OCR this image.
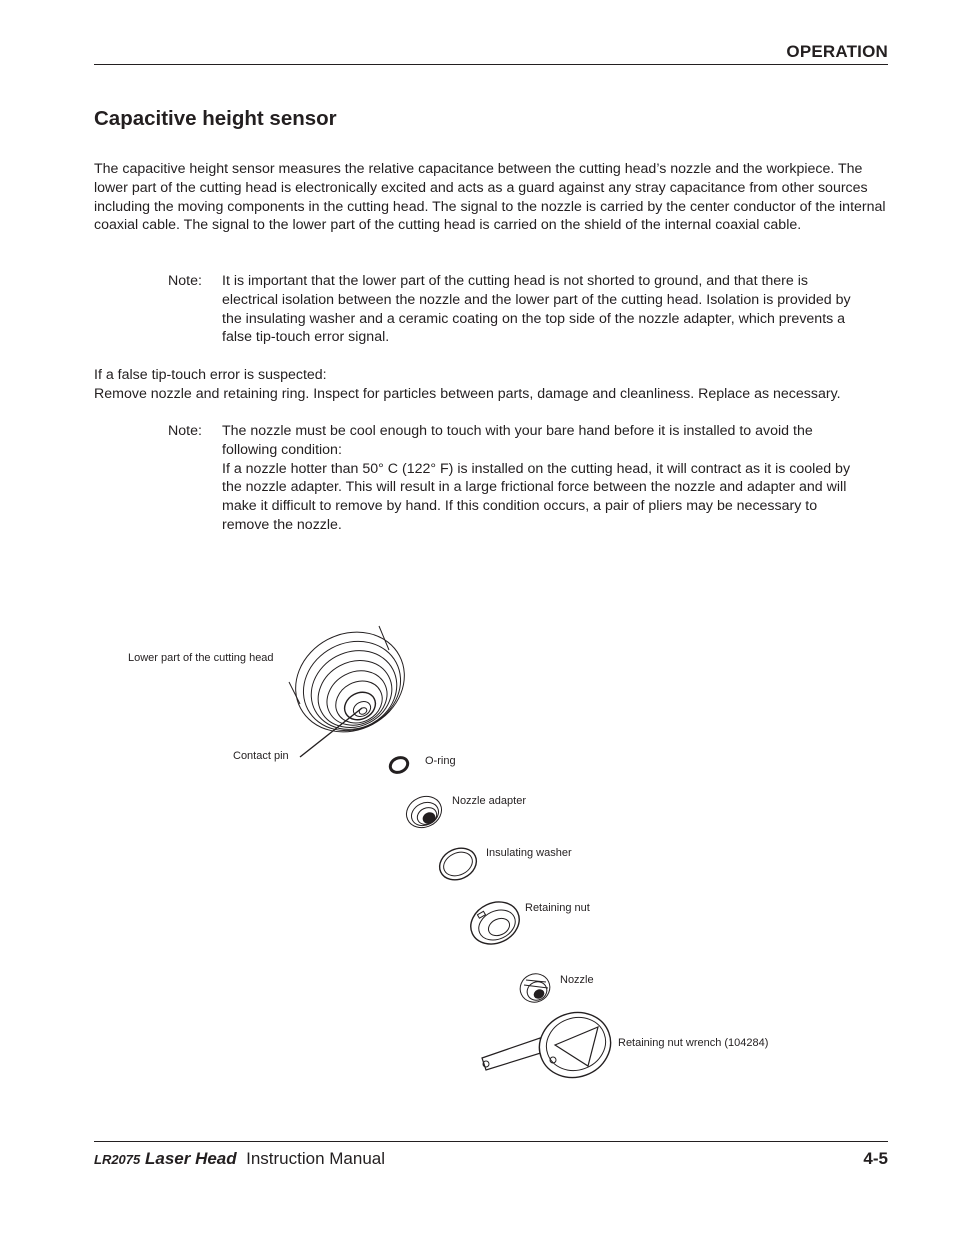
OPERATION
Capacitive height sensor
The capacitive height sensor measures the relative capacitance between the cutting head’s nozzle and the workpiece. The lower part of the cutting head is electronically excited and acts as a guard against any stray capacitance from other sources including the moving components in the cutting head. The signal to the nozzle is carried by the center conductor of the internal coaxial cable. The signal to the lower part of the cutting head is carried on the shield of the internal coaxial cable.
Note:	It is important that the lower part of the cutting head is not shorted to ground, and that there is electrical isolation between the nozzle and the lower part of the cutting head. Isolation is provided by the insulating washer and a ceramic coating on the top side of the nozzle adapter, which prevents a false tip-touch error signal.
If a false tip-touch error is suspected:
Remove nozzle and retaining ring. Inspect for particles between parts, damage and cleanliness. Replace as necessary.
Note:	The nozzle must be cool enough to touch with your bare hand before it is installed to avoid the following condition:
If a nozzle hotter than 50° C (122° F) is installed on the cutting head, it will contract as it is cooled by the nozzle adapter. This will result in a large frictional force between the nozzle and adapter and will make it difficult to remove by hand. If this condition occurs, a pair of pliers may be necessary to remove the nozzle.
Lower part of the cutting head
Contact pin	O-ring
Nozzle adapter
Insulating washer
Retaining nut
Nozzle
Retaining nut wrench (104284)
LR2075 Laser Head Instruction Manual	4-5
